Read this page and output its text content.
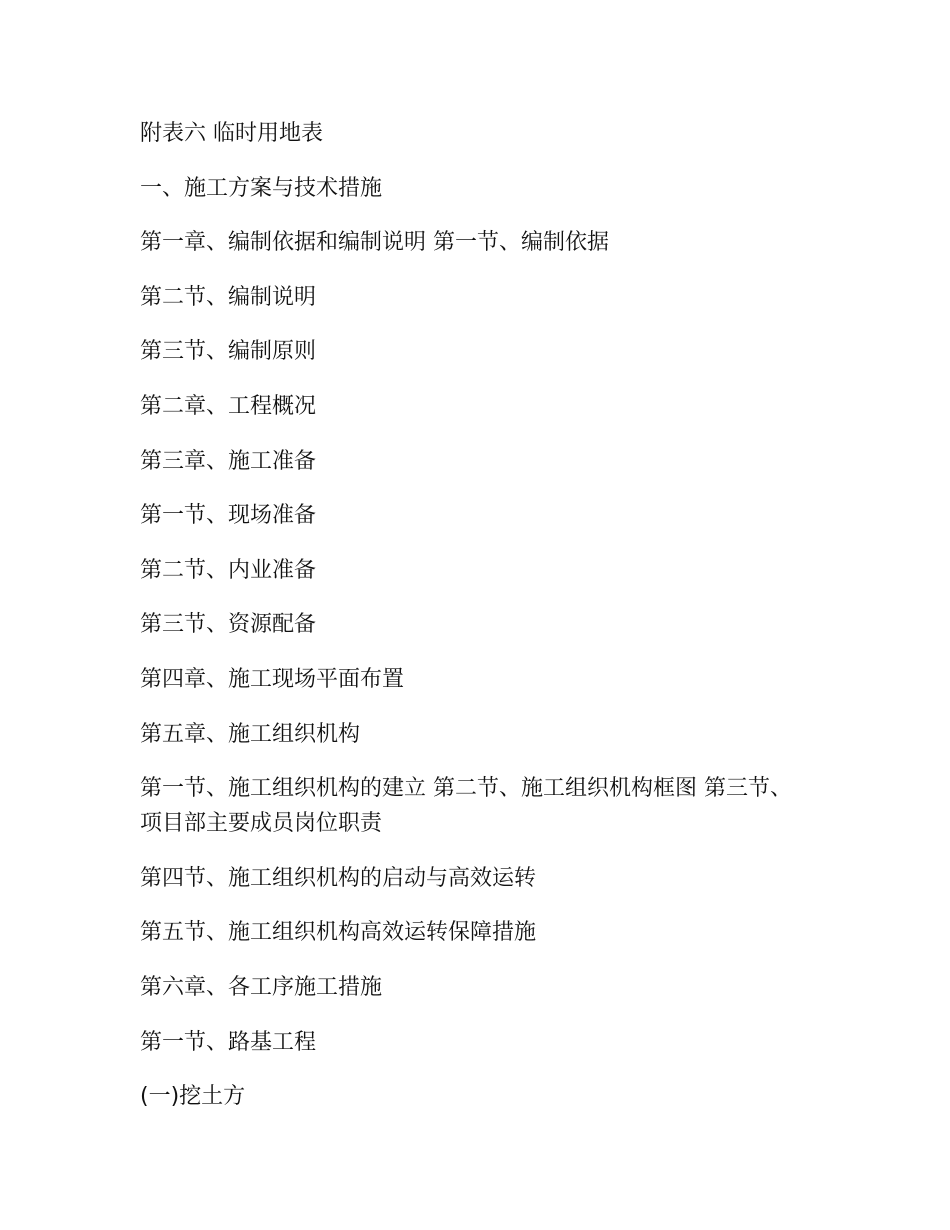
附表六 临时用地表
一、施工方案与技术措施
第一章、编制依据和编制说明 第一节、编制依据
第二节、编制说明
第三节、编制原则
第二章、工程概况
第三章、施工准备
第一节、现场准备
第二节、内业准备
第三节、资源配备
第四章、施工现场平面布置
第五章、施工组织机构
第一节、施工组织机构的建立 第二节、施工组织机构框图 第三节、项目部主要成员岗位职责
第四节、施工组织机构的启动与高效运转
第五节、施工组织机构高效运转保障措施
第六章、各工序施工措施
第一节、路基工程
(一)挖土方
